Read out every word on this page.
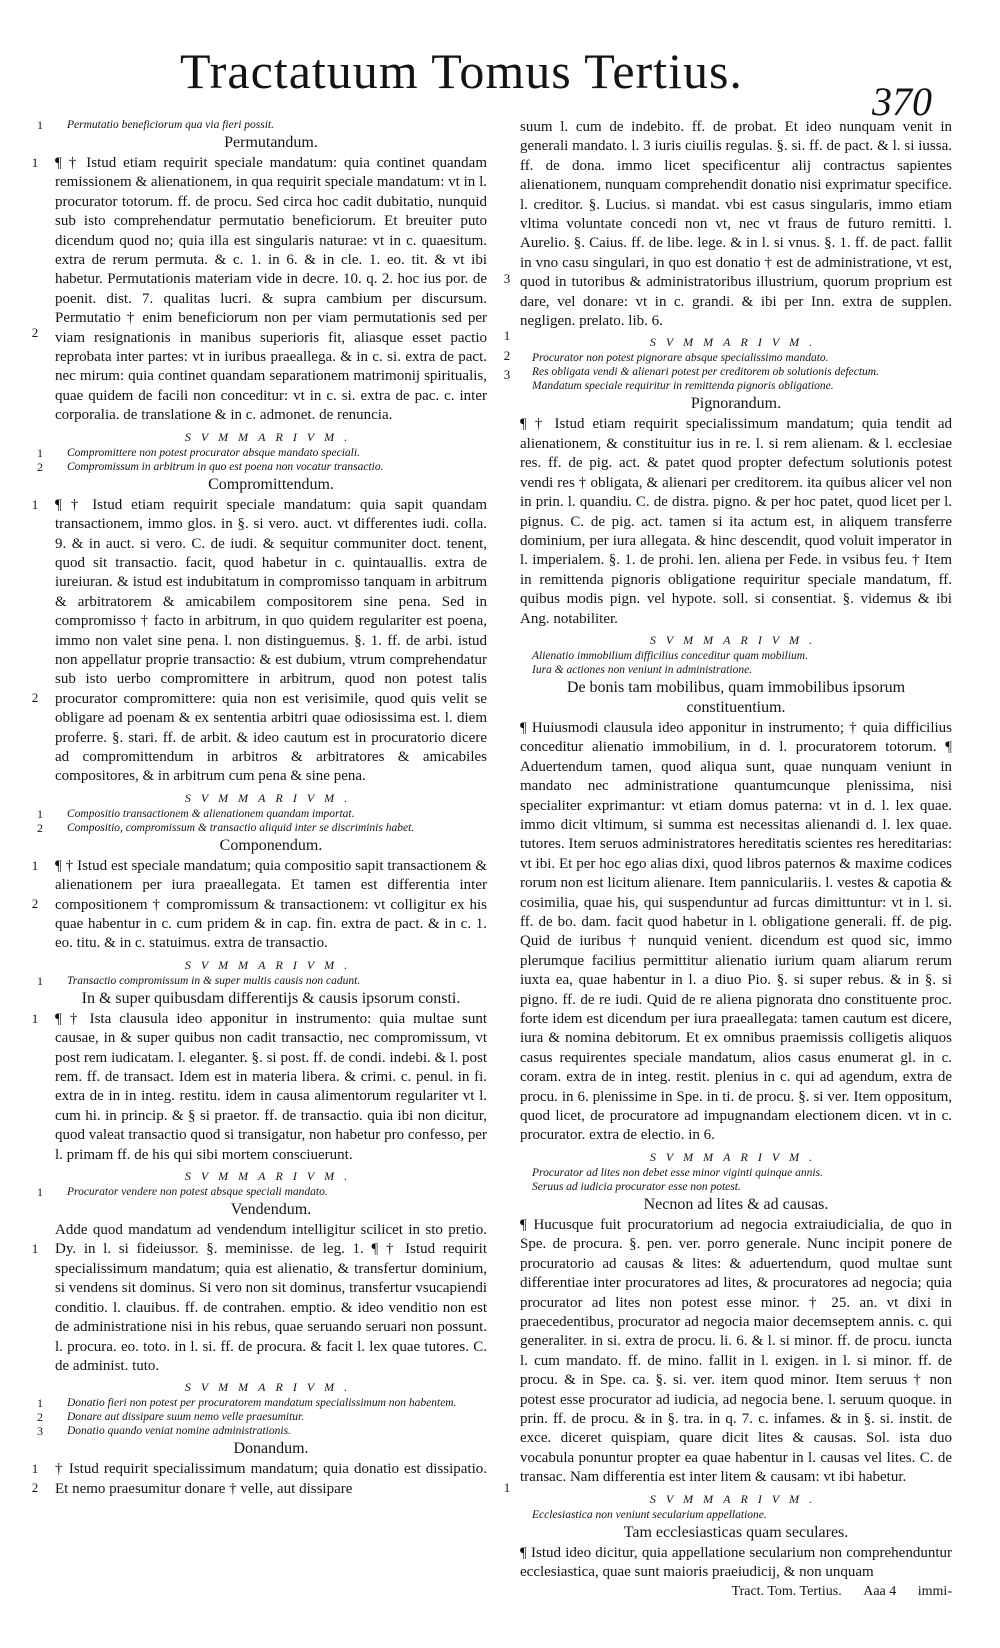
Tractatuum Tomus Tertius.
370
1 Permutatio beneficiorum qua via fieri possit.
Permutandum.
1
2
3
1
2
3

¶ † Istud etiam requirit speciale mandatum: quia continet quandam remissionem & alienationem, in qua requirit speciale mandatum: vt in l. procurator totorum. ff. de procu. Sed circa hoc cadit dubitatio, nunquid sub isto comprehendatur permutatio beneficiorum. Et breuiter puto dicendum quod no; quia illa est singularis naturae: vt in c. quaesitum. extra de rerum permuta. & c. 1. in 6. & in cle. 1. eo. tit. & vt ibi habetur. Permutationis materiam vide in decre. 10. q. 2. hoc ius por. de poenit. dist. 7. qualitas lucri. & supra cambium per discursum. Permutatio † enim beneficiorum non per viam permutationis sed per viam resignationis in manibus superioris fit, aliasque esset pactio reprobata inter partes: vt in iuribus praeallega. & in c. si. extra de pact. nec mirum: quia continet quandam separationem matrimonij spiritualis, quae quidem de facili non conceditur: vt in c. si. extra de pac. c. inter corporalia. de translatione & in c. admonet. de renuncia.

SVMMARIVM.
1 Compromittere non potest procurator absque mandato speciali.
2 Compromissum in arbitrum in quo est poena non vocatur transactio.
Compromittendum.
1
2

¶ † Istud etiam requirit speciale mandatum: quia sapit quandam transactionem, immo glos. in §. si vero. auct. vt differentes iudi. colla. 9. & in auct. si vero. C. de iudi. & sequitur communiter doct. tenent, quod sit transactio. facit, quod habetur in c. quintauallis. extra de iureiuran. & istud est indubitatum in compromisso tanquam in arbitrum & arbitratorem & amicabilem compositorem sine pena. Sed in compromisso † facto in arbitrum, in quo quidem regulariter est poena, immo non valet sine pena. l. non distinguemus. §. 1. ff. de arbi. istud non appellatur proprie transactio: & est dubium, vtrum comprehendatur sub isto uerbo compromittere in arbitrum, quod non potest talis procurator compromittere: quia non est verisimile, quod quis velit se obligare ad poenam & ex sententia arbitri quae odiosissima est. l. diem proferre. §. stari. ff. de arbit. & ideo cautum est in procuratorio dicere ad compromittendum in arbitros & arbitratores & amicabiles compositores, & in arbitrum cum pena & sine pena.

SVMMARIVM.
1 Compositio transactionem & alienationem quandam importat.
2 Compositio, compromissum & transactio aliquid inter se discriminis habet.
Componendum.
1
2

¶ † Istud est speciale mandatum; quia compositio sapit transactionem & alienationem per iura praeallegata. Et tamen est differentia inter compositionem † compromissum & transactionem: vt colligitur ex his quae habentur in c. cum pridem & in cap. fin. extra de pact. & in c. 1. eo. titu. & in c. statuimus. extra de transactio.

SVMMARIVM.
1 Transactio compromissum in & super multis causis non cadunt.
In & super quibusdam differentijs & causis ipsorum consti.
1 ¶ † Ista clausula ideo apponitur in instrumento: quia multae sunt causae, in & super quibus non cadit transactio, nec compromissum, vt post rem iudicatam. l. eleganter. §. si post. ff. de condi. indebi. & l. post rem. ff. de transact. Idem est in materia libera. & crimi. c. penul. in fi. extra de in in integ. restitu. idem in causa alimentorum regulariter vt l. cum hi. in princip. & § si praetor. ff. de transactio. quia ibi non dicitur, quod valeat transactio quod si transigatur, non habetur pro confesso, per l. primam ff. de his qui sibi mortem consciuerunt.

SVMMARIVM.
1 Procurator vendere non potest absque speciali mandato.
Vendendum.
1

Adde quod mandatum ad vendendum intelligitur scilicet in sto pretio. Dy. in l. si fideiussor. §. meminisse. de leg. 1. ¶ † Istud requirit specialissimum mandatum; quia est alienatio, & transfertur dominium, si vendens sit dominus. Si vero non sit dominus, transfertur vsucapiendi conditio. l. clauibus. ff. de contrahen. emptio. & ideo venditio non est de administratione nisi in his rebus, quae seruando seruari non possunt. l. procura. eo. toto. in l. si. ff. de procura. & facit l. lex quae tutores. C. de administ. tuto.

SVMMARIVM.
1 Donatio fieri non potest per procuratorem mandatum specialissimum non habentem.
2 Donare aut dissipare suum nemo velle praesumitur.
3 Donatio quando veniat nomine administrationis.
Donandum.
1
2	1

† Istud requirit specialissimum mandatum; quia donatio est dissipatio. Et nemo praesumitur donare † velle, aut dissipare

suum l. cum de indebito. ff. de probat. Et ideo nunquam venit in generali mandato. l. 3 iuris ciuilis regulas. §. si. ff. de pact. & l. si iussa. ff. de dona. immo licet specificentur alij contractus sapientes alienationem, nunquam comprehendit donatio nisi exprimatur specifice. l. creditor. §. Lucius. si mandat. vbi est casus singularis, immo etiam vltima voluntate concedi non vt, nec vt fraus de futuro remitti. l. Aurelio. §. Caius. ff. de libe. lege. & in l. si vnus. §. 1. ff. de pact. fallit in vno casu singulari, in quo est donatio † est de administratione, vt est, quod in tutoribus & administratoribus illustrium, quorum proprium est dare, vel donare: vt in c. grandi. & ibi per Inn. extra de supplen. negligen. prelato. lib. 6.

SVMMARIVM.
Procurator non potest pignorare absque specialissimo mandato.
Res obligata vendi & alienari potest per creditorem ob solutionis defectum.
Mandatum speciale requiritur in remittenda pignoris obligatione.
Pignorandum.

¶ † Istud etiam requirit specialissimum mandatum; quia tendit ad alienationem, & constituitur ius in re. l. si rem alienam. & l. ecclesiae res. ff. de pig. act. & patet quod propter defectum solutionis potest vendi res † obligata, & alienari per creditorem. ita quibus alicer vel non in prin. l. quandiu. C. de distra. pigno. & per hoc patet, quod licet per l. pignus. C. de pig. act. tamen si ita actum est, in aliquem transferre dominium, per iura allegata. & hinc descendit, quod voluit imperator in l. imperialem. §. 1. de prohi. len. aliena per Fede. in vsibus feu. † Item in remittenda pignoris obligatione requiritur speciale mandatum, ff. quibus modis pign. vel hypote. soll. si consentiat. §. videmus & ibi Ang. notabiliter.

SVMMARIVM.
Alienatio immobilium difficilius conceditur quam mobilium.
Iura & actiones non veniunt in administratione.
De bonis tam mobilibus, quam immobilibus ipsorum constituentium.

¶ Huiusmodi clausula ideo apponitur in instrumento; † quia difficilius conceditur alienatio immobilium, in d. l. procuratorem totorum. ¶ Aduertendum tamen, quod aliqua sunt, quae nunquam veniunt in mandato nec administratione quantumcunque plenissima, nisi specialiter exprimantur: vt etiam domus paterna: vt in d. l. lex quae. immo dicit vltimum, si summa est necessitas alienandi d. l. lex quae. tutores. Item seruos administratores hereditatis scientes res hereditarias: vt ibi. Et per hoc ego alias dixi, quod libros paternos & maxime codices rorum non est licitum alienare. Item panniculariis. l. vestes & capotia & cosimilia, quae his, qui suspenduntur ad furcas dimittuntur: vt in l. si. ff. de bo. dam. facit quod habetur in l. obligatione generali. ff. de pig. Quid de iuribus † nunquid venient. dicendum est quod sic, immo plerumque facilius permittitur alienatio iurium quam aliarum rerum iuxta ea, quae habentur in l. a diuo Pio. §. si super rebus. & in §. si pigno. ff. de re iudi. Quid de re aliena pignorata dno constituente proc. forte idem est dicendum per iura praeallegata: tamen cautum est dicere, iura & nomina debitorum. Et ex omnibus praemissis colligetis aliquos casus requirentes speciale mandatum, alios casus enumerat gl. in c. coram. extra de in integ. restit. plenius in c. qui ad agendum, extra de procu. in 6. plenissime in Spe. in ti. de procu. §. si ver. Item oppositum, quod licet, de procuratore ad impugnandam electionem dicen. vt in c. procurator. extra de electio. in 6.

SVMMARIVM.
Procurator ad lites non debet esse minor viginti quinque annis.
Seruus ad iudicia procurator esse non potest.
Necnon ad lites & ad causas.

¶ Hucusque fuit procuratorium ad negocia extraiudicialia, de quo in Spe. de procura. §. pen. ver. porro generale. Nunc incipit ponere de procuratorio ad causas & lites: & aduertendum, quod multae sunt differentiae inter procuratores ad lites, & procuratores ad negocia; quia procurator ad lites non potest esse minor. † 25. an. vt dixi in praecedentibus, procurator ad negocia maior decemseptem annis. c. qui generaliter. in si. extra de procu. li. 6. & l. si minor. ff. de procu. iuncta l. cum mandato. ff. de mino. fallit in l. exigen. in l. si minor. ff. de procu. & in Spe. ca. §. si. ver. item quod minor. Item seruus † non potest esse procurator ad iudicia, ad negocia bene. l. seruum quoque. in prin. ff. de procu. & in §. tra. in q. 7. c. infames. & in §. si. instit. de exce. diceret quispiam, quare dicit lites & causas. Sol. ista duo vocabula ponuntur propter ea quae habentur in l. causas vel lites. C. de transac. Nam differentia est inter litem & causam: vt ibi habetur.

SVMMARIVM.
Ecclesiastica non veniunt secularium appellatione.
Tam ecclesiasticas quam seculares.

¶ Istud ideo dicitur, quia appellatione secularium non comprehenduntur ecclesiastica, quae sunt maioris praeiudicij, & non unquam

Tract. Tom. Tertius. Aaa 4 immi-
